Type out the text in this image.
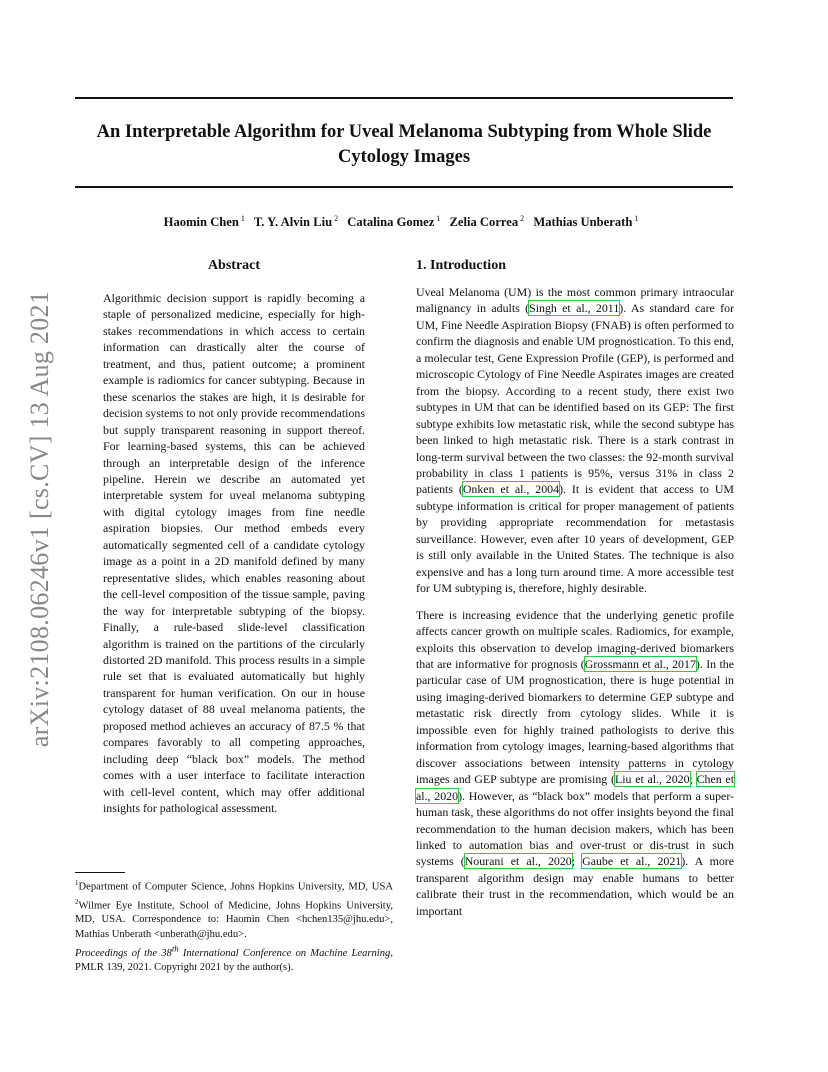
An Interpretable Algorithm for Uveal Melanoma Subtyping from Whole Slide Cytology Images
Haomin Chen $^1$ T. Y. Alvin Liu $^2$ Catalina Gomez $^1$ Zelia Correa $^2$ Mathias Unberath $^1$
arXiv:2108.06246v1 [cs.CV] 13 Aug 2021
Abstract

Algorithmic decision support is rapidly becoming a staple of personalized medicine, especially for high-stakes recommendations in which access to certain information can drastically alter the course of treatment, and thus, patient outcome; a prominent example is radiomics for cancer subtyping. Because in these scenarios the stakes are high, it is desirable for decision systems to not only provide recommendations but supply transparent reasoning in support thereof. For learning-based systems, this can be achieved through an interpretable design of the inference pipeline. Herein we describe an automated yet interpretable system for uveal melanoma subtyping with digital cytology images from fine needle aspiration biopsies. Our method embeds every automatically segmented cell of a candidate cytology image as a point in a 2D manifold defined by many representative slides, which enables reasoning about the cell-level composition of the tissue sample, paving the way for interpretable subtyping of the biopsy. Finally, a rule-based slide-level classification algorithm is trained on the partitions of the circularly distorted 2D manifold. This process results in a simple rule set that is evaluated automatically but highly transparent for human verification. On our in house cytology dataset of 88 uveal melanoma patients, the proposed method achieves an accuracy of 87.5 % that compares favorably to all competing approaches, including deep “black box” models. The method comes with a user interface to facilitate interaction with cell-level content, which may offer additional insights for pathological assessment.

1. Introduction

Uveal Melanoma (UM) is the most common primary intraocular malignancy in adults (Singh et al., 2011). As standard care for UM, Fine Needle Aspiration Biopsy (FNAB) is often performed to confirm the diagnosis and enable UM prognostication. To this end, a molecular test, Gene Expression Profile (GEP), is performed and microscopic Cytology of Fine Needle Aspirates images are created from the biopsy. According to a recent study, there exist two subtypes in UM that can be identified based on its GEP: The first subtype exhibits low metastatic risk, while the second subtype has been linked to high metastatic risk. There is a stark contrast in long-term survival between the two classes: the 92-month survival probability in class 1 patients is 95%, versus 31% in class 2 patients (Onken et al., 2004). It is evident that access to UM subtype information is critical for proper management of patients by providing appropriate recommendation for metastasis surveillance. However, even after 10 years of development, GEP is still only available in the United States. The technique is also expensive and has a long turn around time. A more accessible test for UM subtyping is, therefore, highly desirable.

There is increasing evidence that the underlying genetic profile affects cancer growth on multiple scales. Radiomics, for example, exploits this observation to develop imaging-derived biomarkers that are informative for prognosis (Grossmann et al., 2017). In the particular case of UM prognostication, there is huge potential in using imaging-derived biomarkers to determine GEP subtype and metastatic risk directly from cytology slides. While it is impossible even for highly trained pathologists to derive this information from cytology images, learning-based algorithms that discover associations between intensity patterns in cytology images and GEP subtype are promising (Liu et al., 2020; Chen et al., 2020). However, as “black box” models that perform a super-human task, these algorithms do not offer insights beyond the final recommendation to the human decision makers, which has been linked to automation bias and over-trust or dis-trust in such systems (Nourani et al., 2020; Gaube et al., 2021). A more transparent algorithm design may enable humans to better calibrate their trust in the recommendation, which would be an important

$^1$Department of Computer Science, Johns Hopkins University, MD, USA $^2$Wilmer Eye Institute, School of Medicine, Johns Hopkins University, MD, USA. Correspondence to: Haomin Chen <hchen135@jhu.edu>, Mathias Unberath <unberath@jhu.edu>.

Proceedings of the 38th International Conference on Machine Learning, PMLR 139, 2021. Copyright 2021 by the author(s).
